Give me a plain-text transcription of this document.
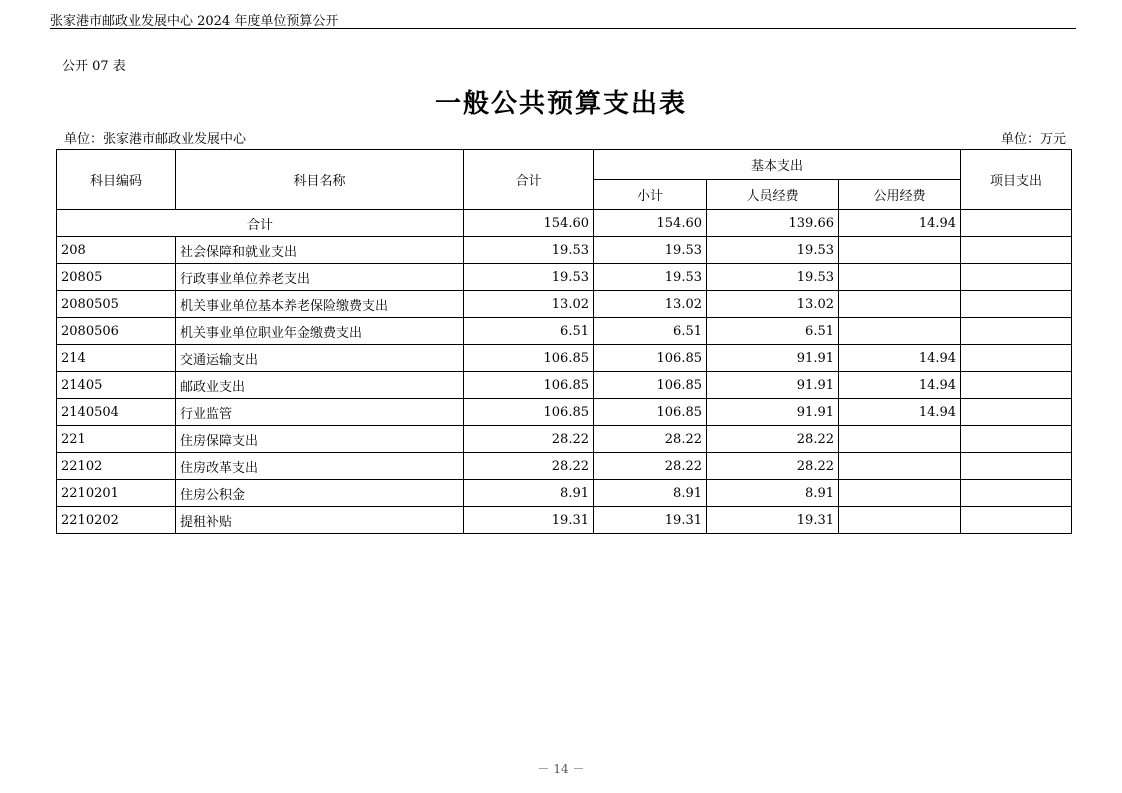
张家港市邮政业发展中心 2024 年度单位预算公开
公开 07 表
一般公共预算支出表
单位：张家港市邮政业发展中心	单位：万元
科目编码	科目名称	合计	基本支出			项目支出
			小计	人员经费	公用经费	
合计		154.60	154.60	139.66	14.94	
208	社会保障和就业支出	19.53	19.53	19.53		
20805	行政事业单位养老支出	19.53	19.53	19.53		
2080505	机关事业单位基本养老保险缴费支出	13.02	13.02	13.02		
2080506	机关事业单位职业年金缴费支出	6.51	6.51	6.51		
214	交通运输支出	106.85	106.85	91.91	14.94	
21405	邮政业支出	106.85	106.85	91.91	14.94	
2140504	行业监管	106.85	106.85	91.91	14.94	
221	住房保障支出	28.22	28.22	28.22		
22102	住房改革支出	28.22	28.22	28.22		
2210201	住房公积金	8.91	8.91	8.91		
2210202	提租补贴	19.31	19.31	19.31		
－ 14 －
